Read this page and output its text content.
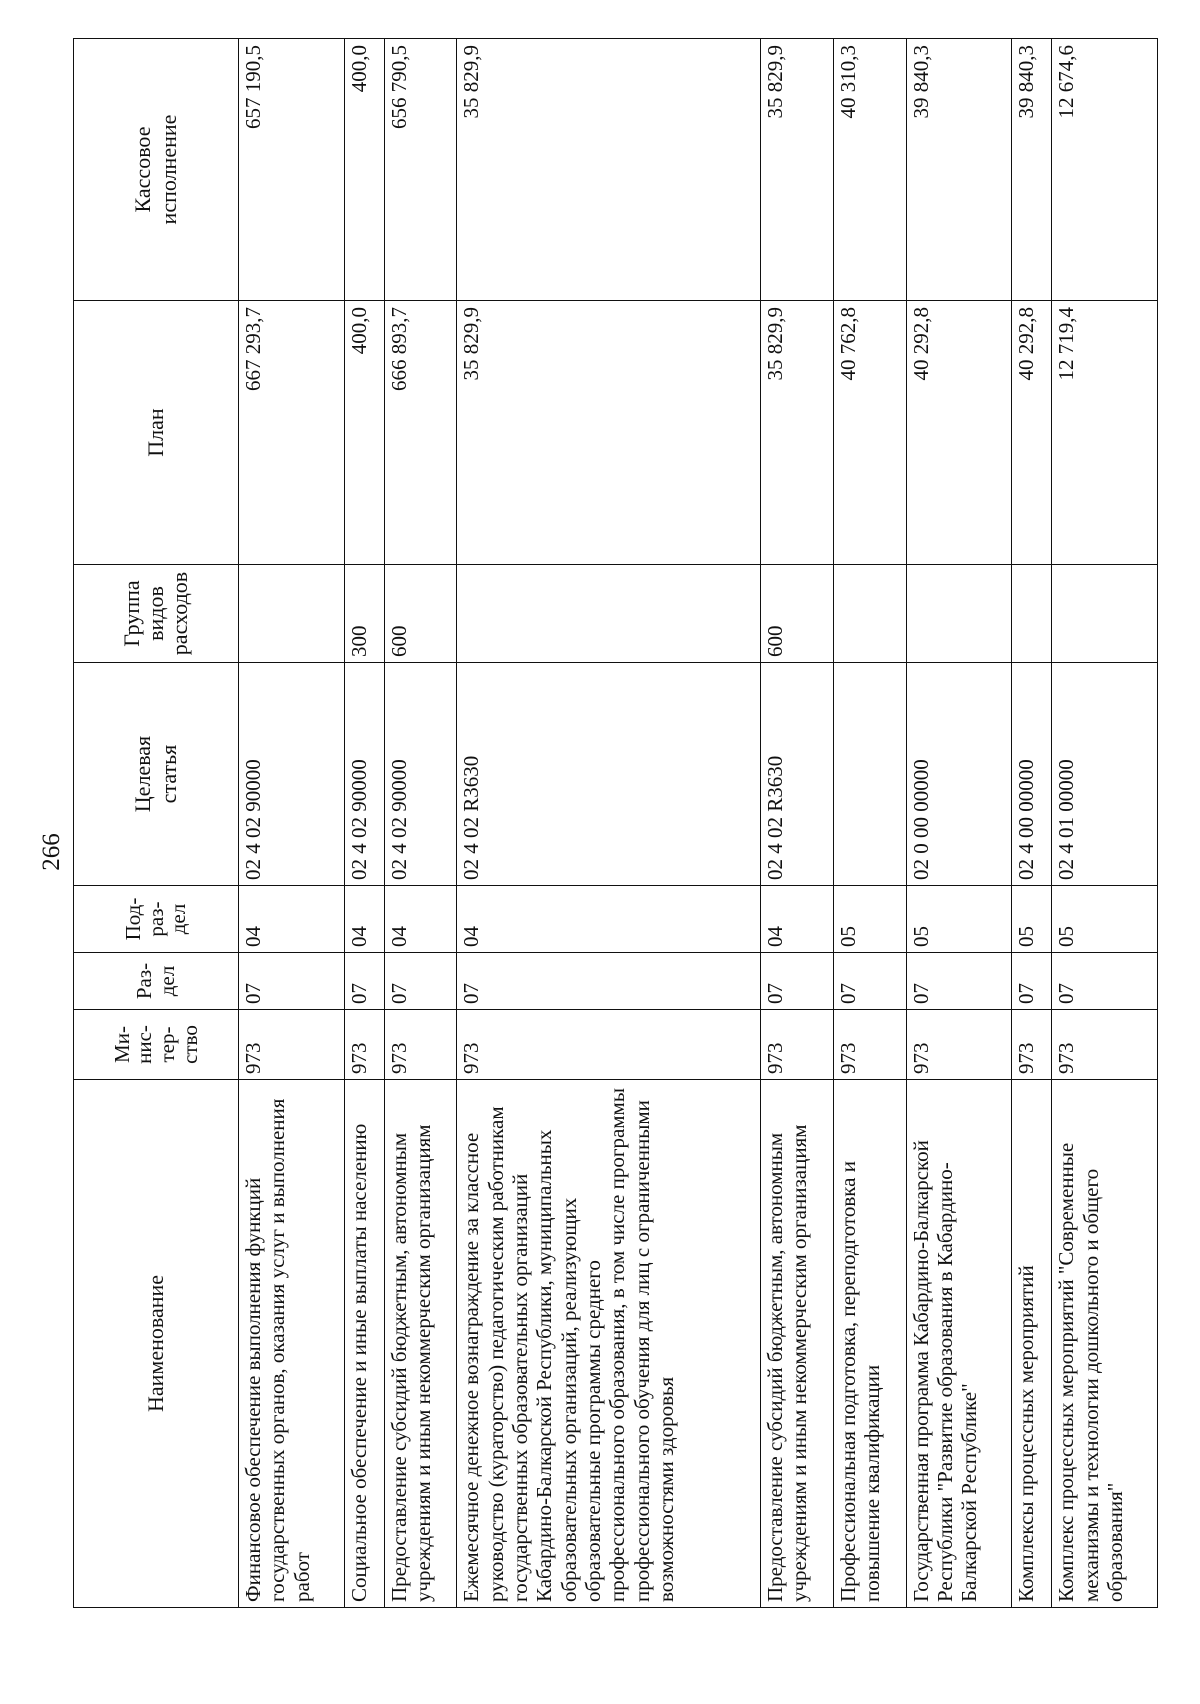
266
Наименование	Ми-
нис-
тер-
ство	Раз-
дел	Под-
раз-
дел	Целевая
статья	Группа
видов
расходов	План	Кассовое
исполнение
Финансовое обеспечение выполнения функций государственных органов, оказания услуг и выполнения работ	973	07	04	02 4 02 90000		667 293,7	657 190,5
Социальное обеспечение и иные выплаты населению	973	07	04	02 4 02 90000	300	400,0	400,0
Предоставление субсидий бюджетным, автономным учреждениям и иным некоммерческим организациям	973	07	04	02 4 02 90000	600	666 893,7	656 790,5
Ежемесячное денежное вознаграждение за классное руководство (кураторство) педагогическим работникам государственных образовательных организаций Кабардино-Балкарской Республики, муниципальных образовательных организаций, реализующих образовательные программы среднего профессионального образования, в том числе программы профессионального обучения для лиц с ограниченными возможностями здоровья	973	07	04	02 4 02 R3630		35 829,9	35 829,9
Предоставление субсидий бюджетным, автономным учреждениям и иным некоммерческим организациям	973	07	04	02 4 02 R3630	600	35 829,9	35 829,9
Профессиональная подготовка, переподготовка и повышение квалификации	973	07	05			40 762,8	40 310,3
Государственная программа Кабардино-Балкарской Республики "Развитие образования в Кабардино-Балкарской Республике"	973	07	05	02 0 00 00000		40 292,8	39 840,3
Комплексы процессных мероприятий	973	07	05	02 4 00 00000		40 292,8	39 840,3
Комплекс процессных мероприятий "Современные механизмы и технологии дошкольного и общего образования"	973	07	05	02 4 01 00000		12 719,4	12 674,6
